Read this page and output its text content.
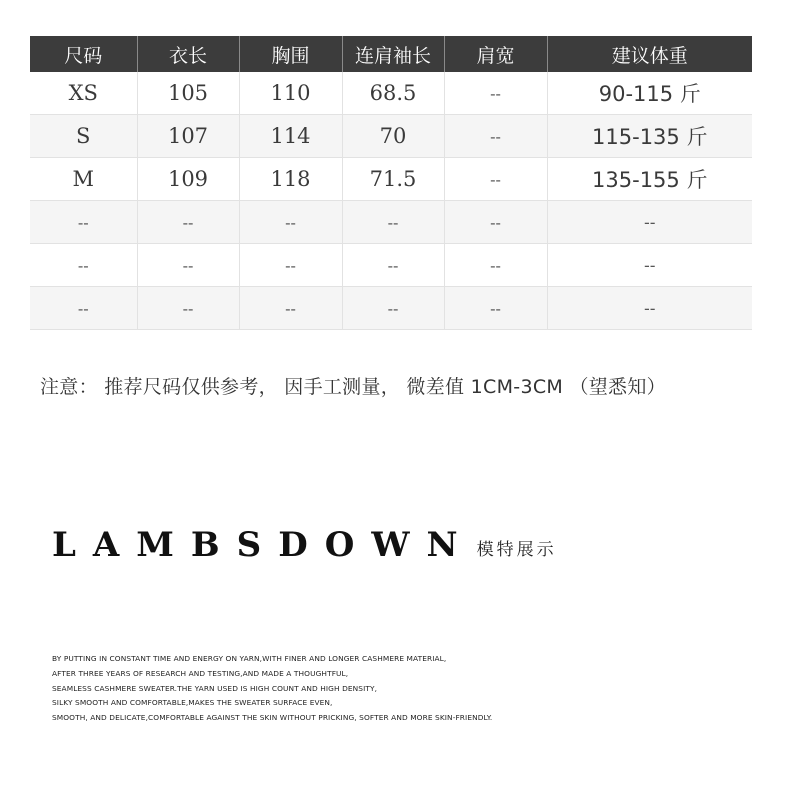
尺码	衣长	胸围	连肩袖长	肩宽	建议体重
XS	105	110	68.5	--	90-115 斤
S	107	114	70	--	115-135 斤
M	109	118	71.5	--	135-155 斤
--	--	--	--	--	--
--	--	--	--	--	--
--	--	--	--	--	--
注意： 推荐尺码仅供参考， 因手工测量， 微差值 1CM-3CM （望悉知）
LAMBSDOWN 模特展示
BY PUTTING IN CONSTANT TIME AND ENERGY ON YARN,WITH FINER AND LONGER CASHMERE MATERIAL,
AFTER THREE YEARS OF RESEARCH AND TESTING,AND MADE A THOUGHTFUL,
SEAMLESS CASHMERE SWEATER.THE YARN USED IS HIGH COUNT AND HIGH DENSITY,
SILKY SMOOTH AND COMFORTABLE,MAKES THE SWEATER SURFACE EVEN,
SMOOTH, AND DELICATE,COMFORTABLE AGAINST THE SKIN WITHOUT PRICKING, SOFTER AND MORE SKIN-FRIENDLY.
